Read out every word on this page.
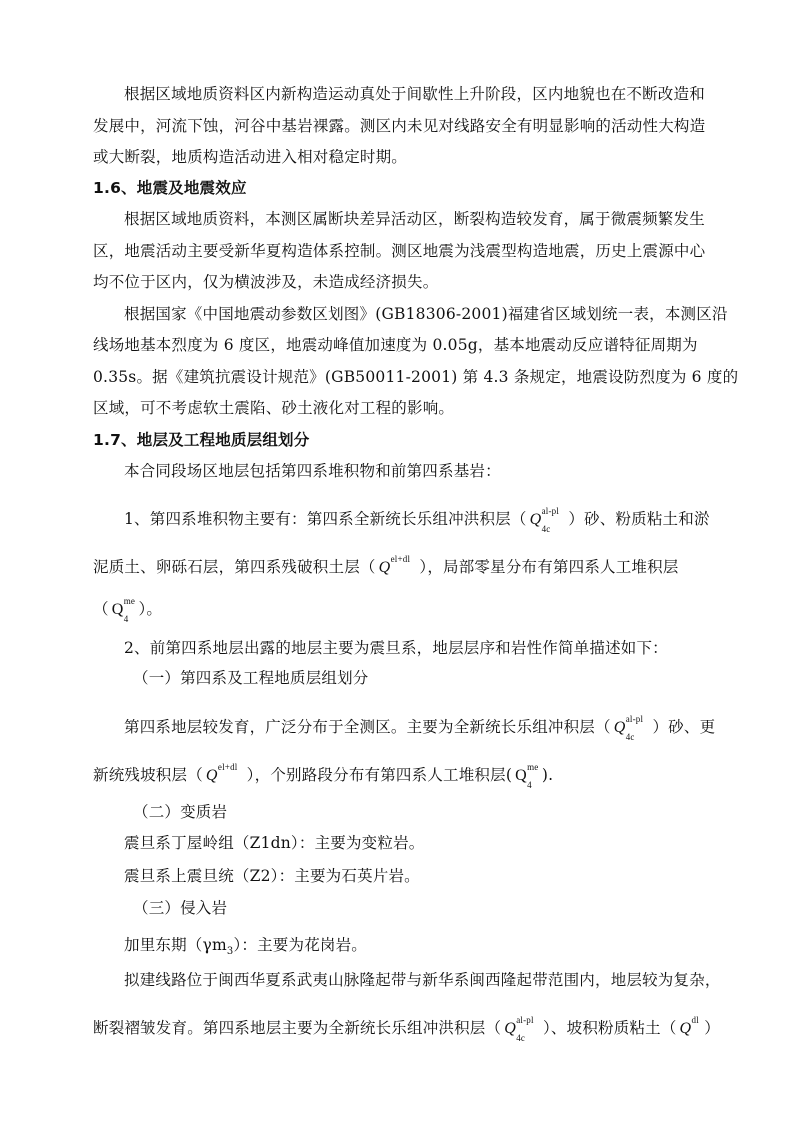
根据区域地质资料区内新构造运动真处于间歇性上升阶段，区内地貌也在不断改造和
发展中，河流下蚀，河谷中基岩裸露。测区内未见对线路安全有明显影响的活动性大构造
或大断裂，地质构造活动进入相对稳定时期。
1.6、地震及地震效应
根据区域地质资料，本测区属断块差异活动区，断裂构造较发育，属于微震频繁发生
区，地震活动主要受新华夏构造体系控制。测区地震为浅震型构造地震，历史上震源中心
均不位于区内，仅为横波涉及，未造成经济损失。
根据国家《中国地震动参数区划图》(GB18306-2001)福建省区域划统一表，本测区沿
线场地基本烈度为 6 度区，地震动峰值加速度为 0.05g，基本地震动反应谱特征周期为
0.35s。据《建筑抗震设计规范》(GB50011-2001) 第 4.3 条规定，地震设防烈度为 6 度的
区域，可不考虑软土震陷、砂土液化对工程的影响。
1.7、地层及工程地质层组划分
本合同段场区地层包括第四系堆积物和前第四系基岩：
1、第四系堆积物主要有：第四系全新统长乐组冲洪积层（ Q al-pl
4c
）砂、粉质粘土和淤
泥质土、卵砾石层，第四系残破积土层（ Q el+dl ），局部零星分布有第四系人工堆积层
（ Q me
4
）。
2、前第四系地层出露的地层主要为震旦系，地层层序和岩性作简单描述如下：
（一）第四系及工程地质层组划分
第四系地层较发育，广泛分布于全测区。主要为全新统长乐组冲积层（ Q al-pl
4c
）砂、更
新统残坡积层（ Q el+dl ），个别路段分布有第四系人工堆积层( Q me
4
).
（二）变质岩
震旦系丁屋岭组（Z1dn）：主要为变粒岩。
震旦系上震旦统（Z2）：主要为石英片岩。
（三）侵入岩
加里东期$(\gamma m_3)$：主要为花岗岩。
拟建线路位于闽西华夏系武夷山脉隆起带与新华系闽西隆起带范围内，地层较为复杂，
断裂褶皱发育。第四系地层主要为全新统长乐组冲洪积层（ Q al-pl
4c
）、坡积粉质粘土（ Q dl ）
